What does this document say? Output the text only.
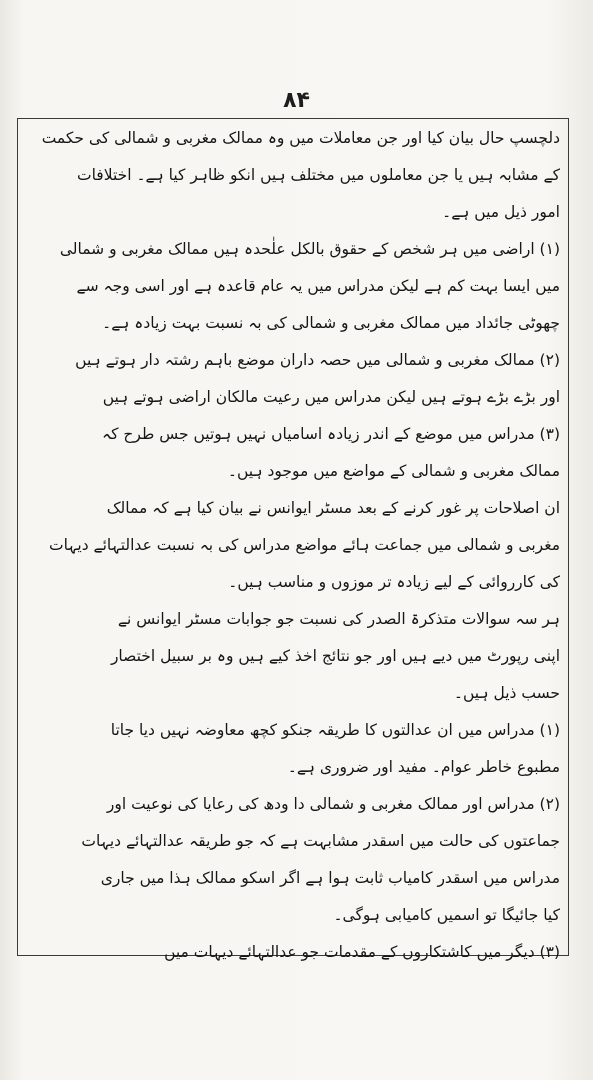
۸۴
دلچسپ حال بیان کیا اور جن معاملات میں وہ ممالک مغربی و شمالی کی حکمت
کے مشابہ ہیں یا جن معاملوں میں مختلف ہیں انکو ظاہر کیا ہے۔ اختلافات
امور ذیل میں ہے۔
(۱) اراضی میں ہر شخص کے حقوق بالکل علٰحدہ ہیں ممالک مغربی و شمالی
میں ایسا بہت کم ہے لیکن مدراس میں یہ عام قاعدہ ہے اور اسی وجہ سے
چھوٹی جائداد میں ممالک مغربی و شمالی کی بہ نسبت بہت زیادہ ہے۔
(۲) ممالک مغربی و شمالی میں حصہ داران موضع باہم رشتہ دار ہوتے ہیں
اور بڑے بڑے ہوتے ہیں لیکن مدراس میں رعیت مالکان اراضی ہوتے ہیں
(۳) مدراس میں موضع کے اندر زیادہ اسامیاں نہیں ہوتیں جس طرح کہ
ممالک مغربی و شمالی کے مواضع میں موجود ہیں۔
ان اصلاحات پر غور کرنے کے بعد مسٹر ایوانس نے بیان کیا ہے کہ ممالک
مغربی و شمالی میں جماعت ہائے مواضع مدراس کی بہ نسبت عدالتہائے دیہات
کی کارروائی کے لیے زیادہ تر موزوں و مناسب ہیں۔
ہر سہ سوالات متذکرۃ الصدر کی نسبت جو جوابات مسٹر ایوانس نے
اپنی رپورٹ میں دیے ہیں اور جو نتائج اخذ کیے ہیں وہ بر سبیل اختصار
حسب ذیل ہیں۔
(۱) مدراس میں ان عدالتوں کا طریقہ جنکو کچھ معاوضہ نہیں دیا جاتا
مطبوع خاطر عوام۔ مفید اور ضروری ہے۔
(۲) مدراس اور ممالک مغربی و شمالی دا ودھ کی رعایا کی نوعیت اور
جماعتوں کی حالت میں اسقدر مشابہت ہے کہ جو طریقہ عدالتہائے دیہات
مدراس میں اسقدر کامیاب ثابت ہوا ہے اگر اسکو ممالک ہذا میں جاری
کیا جائیگا تو اسمیں کامیابی ہوگی۔
(۳) دیگر میں کاشتکاروں کے مقدمات جو عدالتہائے دیہات میں
